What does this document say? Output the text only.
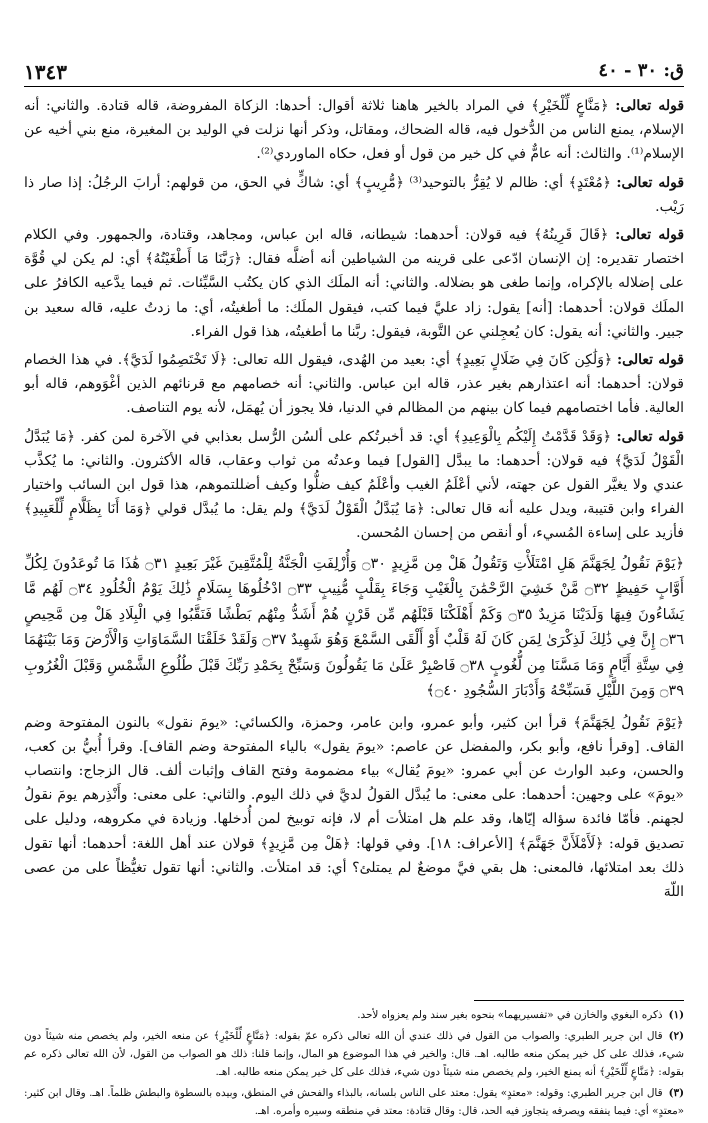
١٣٤٣	ق: ٣٠ - ٤٠

قوله تعالى: ﴿مَنَّاعٍ لِّلْخَيْرِ﴾ في المراد بالخير هاهنا ثلاثة أقوال: أحدها: الزكاة المفروضة، قاله قتادة. والثاني: أنه الإسلام، يمنع الناس من الدُّخول فيه، قاله الضحاك، ومقاتل، وذكر أنها نزلت في الوليد بن المغيرة، منع بني أخيه عن الإسلام⁽¹⁾. والثالث: أنه عامٌّ في كل خير من قول أو فعل، حكاه الماوردي⁽²⁾.

قوله تعالى: ﴿مُعْتَدٍ﴾ أي: ظالم لا يُقِرُّ بالتوحيد⁽³⁾ ﴿مُّرِيبٍ﴾ أي: شاكٍّ في الحق، من قولهم: أرابَ الرجُلُ: إذا صار ذا رَيْب.

قوله تعالى: ﴿قَالَ قَرِينُهُ﴾ فيه قولان: أحدهما: شيطانه، قاله ابن عباس، ومجاهد، وقتادة، والجمهور. وفي الكلام اختصار تقديره: إن الإنسان ادّعى على قرينه من الشياطين أنه أضلَّه فقال: ﴿رَبَّنَا مَا أَطْغَيْتُهُ﴾ أي: لم يكن لي قُوَّة على إضلاله بالإكراه، وإنما طغى هو بضلاله. والثاني: أنه الملَك الذي كان يكتُب السَّيِّئات. ثم فيما يدَّعيه الكافرُ على الملَك قولان: أحدهما: [أنه] يقول: زاد عليَّ فيما كتب، فيقول الملَك: ما أطغيتُه، أي: ما زدتُ عليه، قاله سعيد بن جبير. والثاني: أنه يقول: كان يُعجِلني عن التَّوبة، فيقول: ربَّنا ما أطغيتُه، هذا قول الفراء.

قوله تعالى: ﴿وَلَٰكِن كَانَ فِي ضَلَالٍ بَعِيدٍ﴾ أي: بعيد من الهُدى، فيقول الله تعالى: ﴿لَا تَخْتَصِمُوا لَدَيَّ﴾. في هذا الخصام قولان: أحدهما: أنه اعتذارهم بغير عذر، قاله ابن عباس. والثاني: أنه خصامهم مع قرنائهم الذين أغْوَوهم، قاله أبو العالية. فأما اختصامهم فيما كان بينهم من المظالم في الدنيا، فلا يجوز أن يُهمَل، لأنه يوم التناصف.

قوله تعالى: ﴿وَقَدْ قَدَّمْتُ إِلَيْكُم بِالْوَعِيدِ﴾ أي: قد أخبرتُكم على ألسُن الرُّسل بعذابي في الآخرة لمن كفر. ﴿مَا يُبَدَّلُ الْقَوْلُ لَدَيَّ﴾ فيه قولان: أحدهما: ما يبدَّل [القول] فيما وعدتُه من ثواب وعقاب، قاله الأكثرون. والثاني: ما يُكذَّب عندي ولا يغيَّر القول عن جهته، لأني أعْلَمُ الغيب وأعْلَمُ كيف ضلُّوا وكيف أضللتموهم، هذا قول ابن السائب واختيار الفراء وابن قتيبة، ويدل عليه أنه قال تعالى: ﴿مَا يُبَدَّلُ الْقَوْلُ لَدَيَّ﴾ ولم يقل: ما يُبدَّل قولي ﴿وَمَا أَنَا بِظَلَّامٍ لِّلْعَبِيدِ﴾ فأزيد على إساءة المُسيء، أو أنقص من إحسان المُحسن.

﴿يَوْمَ نَقُولُ لِجَهَنَّمَ هَلِ امْتَلَأْتِ وَتَقُولُ هَلْ مِن مَّزِيدٍ ۝٣٠ وَأُزْلِفَتِ الْجَنَّةُ لِلْمُتَّقِينَ غَيْرَ بَعِيدٍ ۝٣١ هَٰذَا مَا تُوعَدُونَ لِكُلِّ أَوَّابٍ حَفِيظٍ ۝٣٢ مَّنْ خَشِيَ الرَّحْمَٰنَ بِالْغَيْبِ وَجَاءَ بِقَلْبٍ مُّنِيبٍ ۝٣٣ ادْخُلُوهَا بِسَلَامٍ ذَٰلِكَ يَوْمُ الْخُلُودِ ۝٣٤ لَهُم مَّا يَشَاءُونَ فِيهَا وَلَدَيْنَا مَزِيدٌ ۝٣٥ وَكَمْ أَهْلَكْنَا قَبْلَهُم مِّن قَرْنٍ هُمْ أَشَدُّ مِنْهُم بَطْشًا فَنَقَّبُوا فِي الْبِلَادِ هَلْ مِن مَّحِيصٍ ۝٣٦ إِنَّ فِي ذَٰلِكَ لَذِكْرَىٰ لِمَن كَانَ لَهُ قَلْبٌ أَوْ أَلْقَى السَّمْعَ وَهُوَ شَهِيدٌ ۝٣٧ وَلَقَدْ خَلَقْنَا السَّمَاوَاتِ وَالْأَرْضَ وَمَا بَيْنَهُمَا فِي سِتَّةِ أَيَّامٍ وَمَا مَسَّنَا مِن لُّغُوبٍ ۝٣٨ فَاصْبِرْ عَلَىٰ مَا يَقُولُونَ وَسَبِّحْ بِحَمْدِ رَبِّكَ قَبْلَ طُلُوعِ الشَّمْسِ وَقَبْلَ الْغُرُوبِ ۝٣٩ وَمِنَ اللَّيْلِ فَسَبِّحْهُ وَأَدْبَارَ السُّجُودِ ۝٤٠﴾

﴿يَوْمَ نَقُولُ لِجَهَنَّمَ﴾ قرأ ابن كثير، وأبو عمرو، وابن عامر، وحمزة، والكسائي: «يومَ نقول» بالنون المفتوحة وضم القاف. [وقرأ نافع، وأبو بكر، والمفضل عن عاصم: «يومَ يقول» بالياء المفتوحة وضم القاف]. وقرأ أُبيُّ بن كعب، والحسن، وعبد الوارث عن أبي عمرو: «يومَ يُقال» بياء مضمومة وفتح القاف وإثبات ألف. قال الزجاج: وانتصاب «يومَ» على وجهين: أحدهما: على معنى: ما يُبدَّل القولُ لديَّ في ذلك اليوم. والثاني: على معنى: وأَنْذِرهم يومَ نقولُ لجهنم. فأمّا فائدة سؤاله إيّاها، وقد علم هل امتلأت أم لا، فإنه توبيخ لمن أُدخلها. وزيادة في مكروهه، ودليل على تصديق قوله: ﴿لَأَمْلَأَنَّ جَهَنَّمَ﴾ [الأعراف: ١٨]. وفي قولها: ﴿هَلْ مِن مَّزِيدٍ﴾ قولان عند أهل اللغة: أحدهما: أنها تقول ذلك بعد امتلائها، فالمعنى: هل بقي فيَّ موضعٌ لم يمتلئ؟ أي: قد امتلأت. والثاني: أنها تقول تغيُّظاً على من عصى اللّهَ

(١)ذكره البغوي والخازن في «تفسيريهما» بنحوه بغير سند ولم يعزواه لأحد.

(٢)قال ابن جرير الطبري: والصواب من القول في ذلك عندي أن الله تعالى ذكره عمّ بقوله: ﴿مَنَّاعٍ لِّلْخَيْرِ﴾ عن منعه الخير، ولم يخصص منه شيئاً دون شيء، فذلك على كل خير يمكن منعه طالبه. اهـ. قال: والخير في هذا الموضوع هو المال، وإنما قلنا: ذلك هو الصواب من القول، لأن الله تعالى ذكره عم بقوله: ﴿مَنَّاعٍ لِّلْخَيْرِ﴾ أنه يمنع الخير، ولم يخصص منه شيئاً دون شيء، فذلك على كل خير يمكن منعه طالبه. اهـ.

(٣)قال ابن جرير الطبري: وقوله: «معتدٍ» يقول: معتد على الناس بلسانه، بالبذاء والفحش في المنطق، وبيده بالسطوة والبطش ظلماً. اهـ. وقال ابن كثير: «معتدٍ» أي: فيما ينفقه ويصرفه يتجاوز فيه الحد، قال: وقال قتادة: معتد في منطقه وسيره وأمره. اهـ.
